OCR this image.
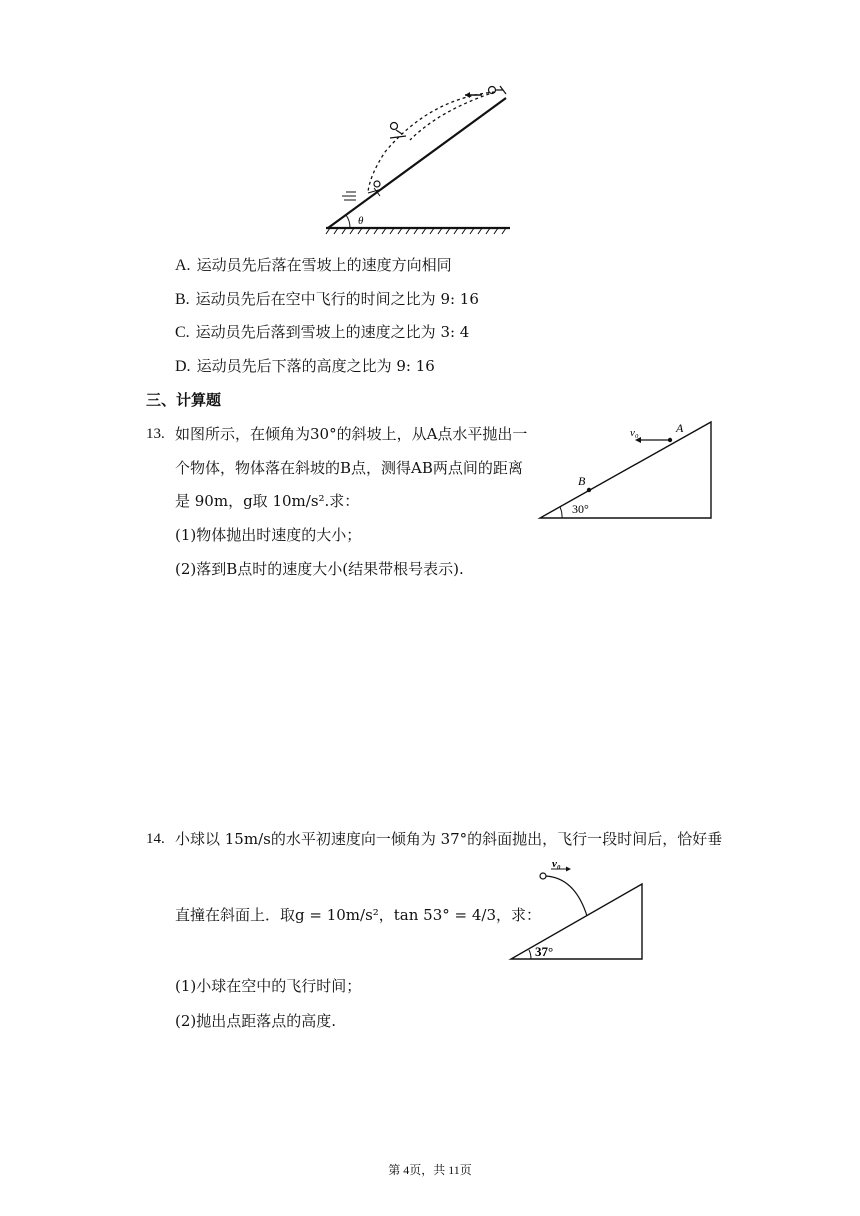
θ
A. 运动员先后落在雪坡上的速度方向相同
B. 运动员先后在空中飞行的时间之比为 9: 16
C. 运动员先后落到雪坡上的速度之比为 3: 4
D. 运动员先后下落的高度之比为 9: 16
三、计算题
13. 如图所示，在倾角为30°的斜坡上，从A点水平抛出一
个物体，物体落在斜坡的B点，测得AB两点间的距离
是 90m，g取 10m/s².求：
(1)物体抛出时速度的大小；
(2)落到B点时的速度大小(结果带根号表示).
30°
v₀	A
B
14. 小球以 15m/s的水平初速度向一倾角为 37°的斜面抛出，飞行一段时间后，恰好垂
直撞在斜面上．取g = 10m/s²，tan 53° = 4/3，求：
(1)小球在空中的飞行时间；
(2)抛出点距落点的高度.
37°
v₀
第 4页，共 11页
